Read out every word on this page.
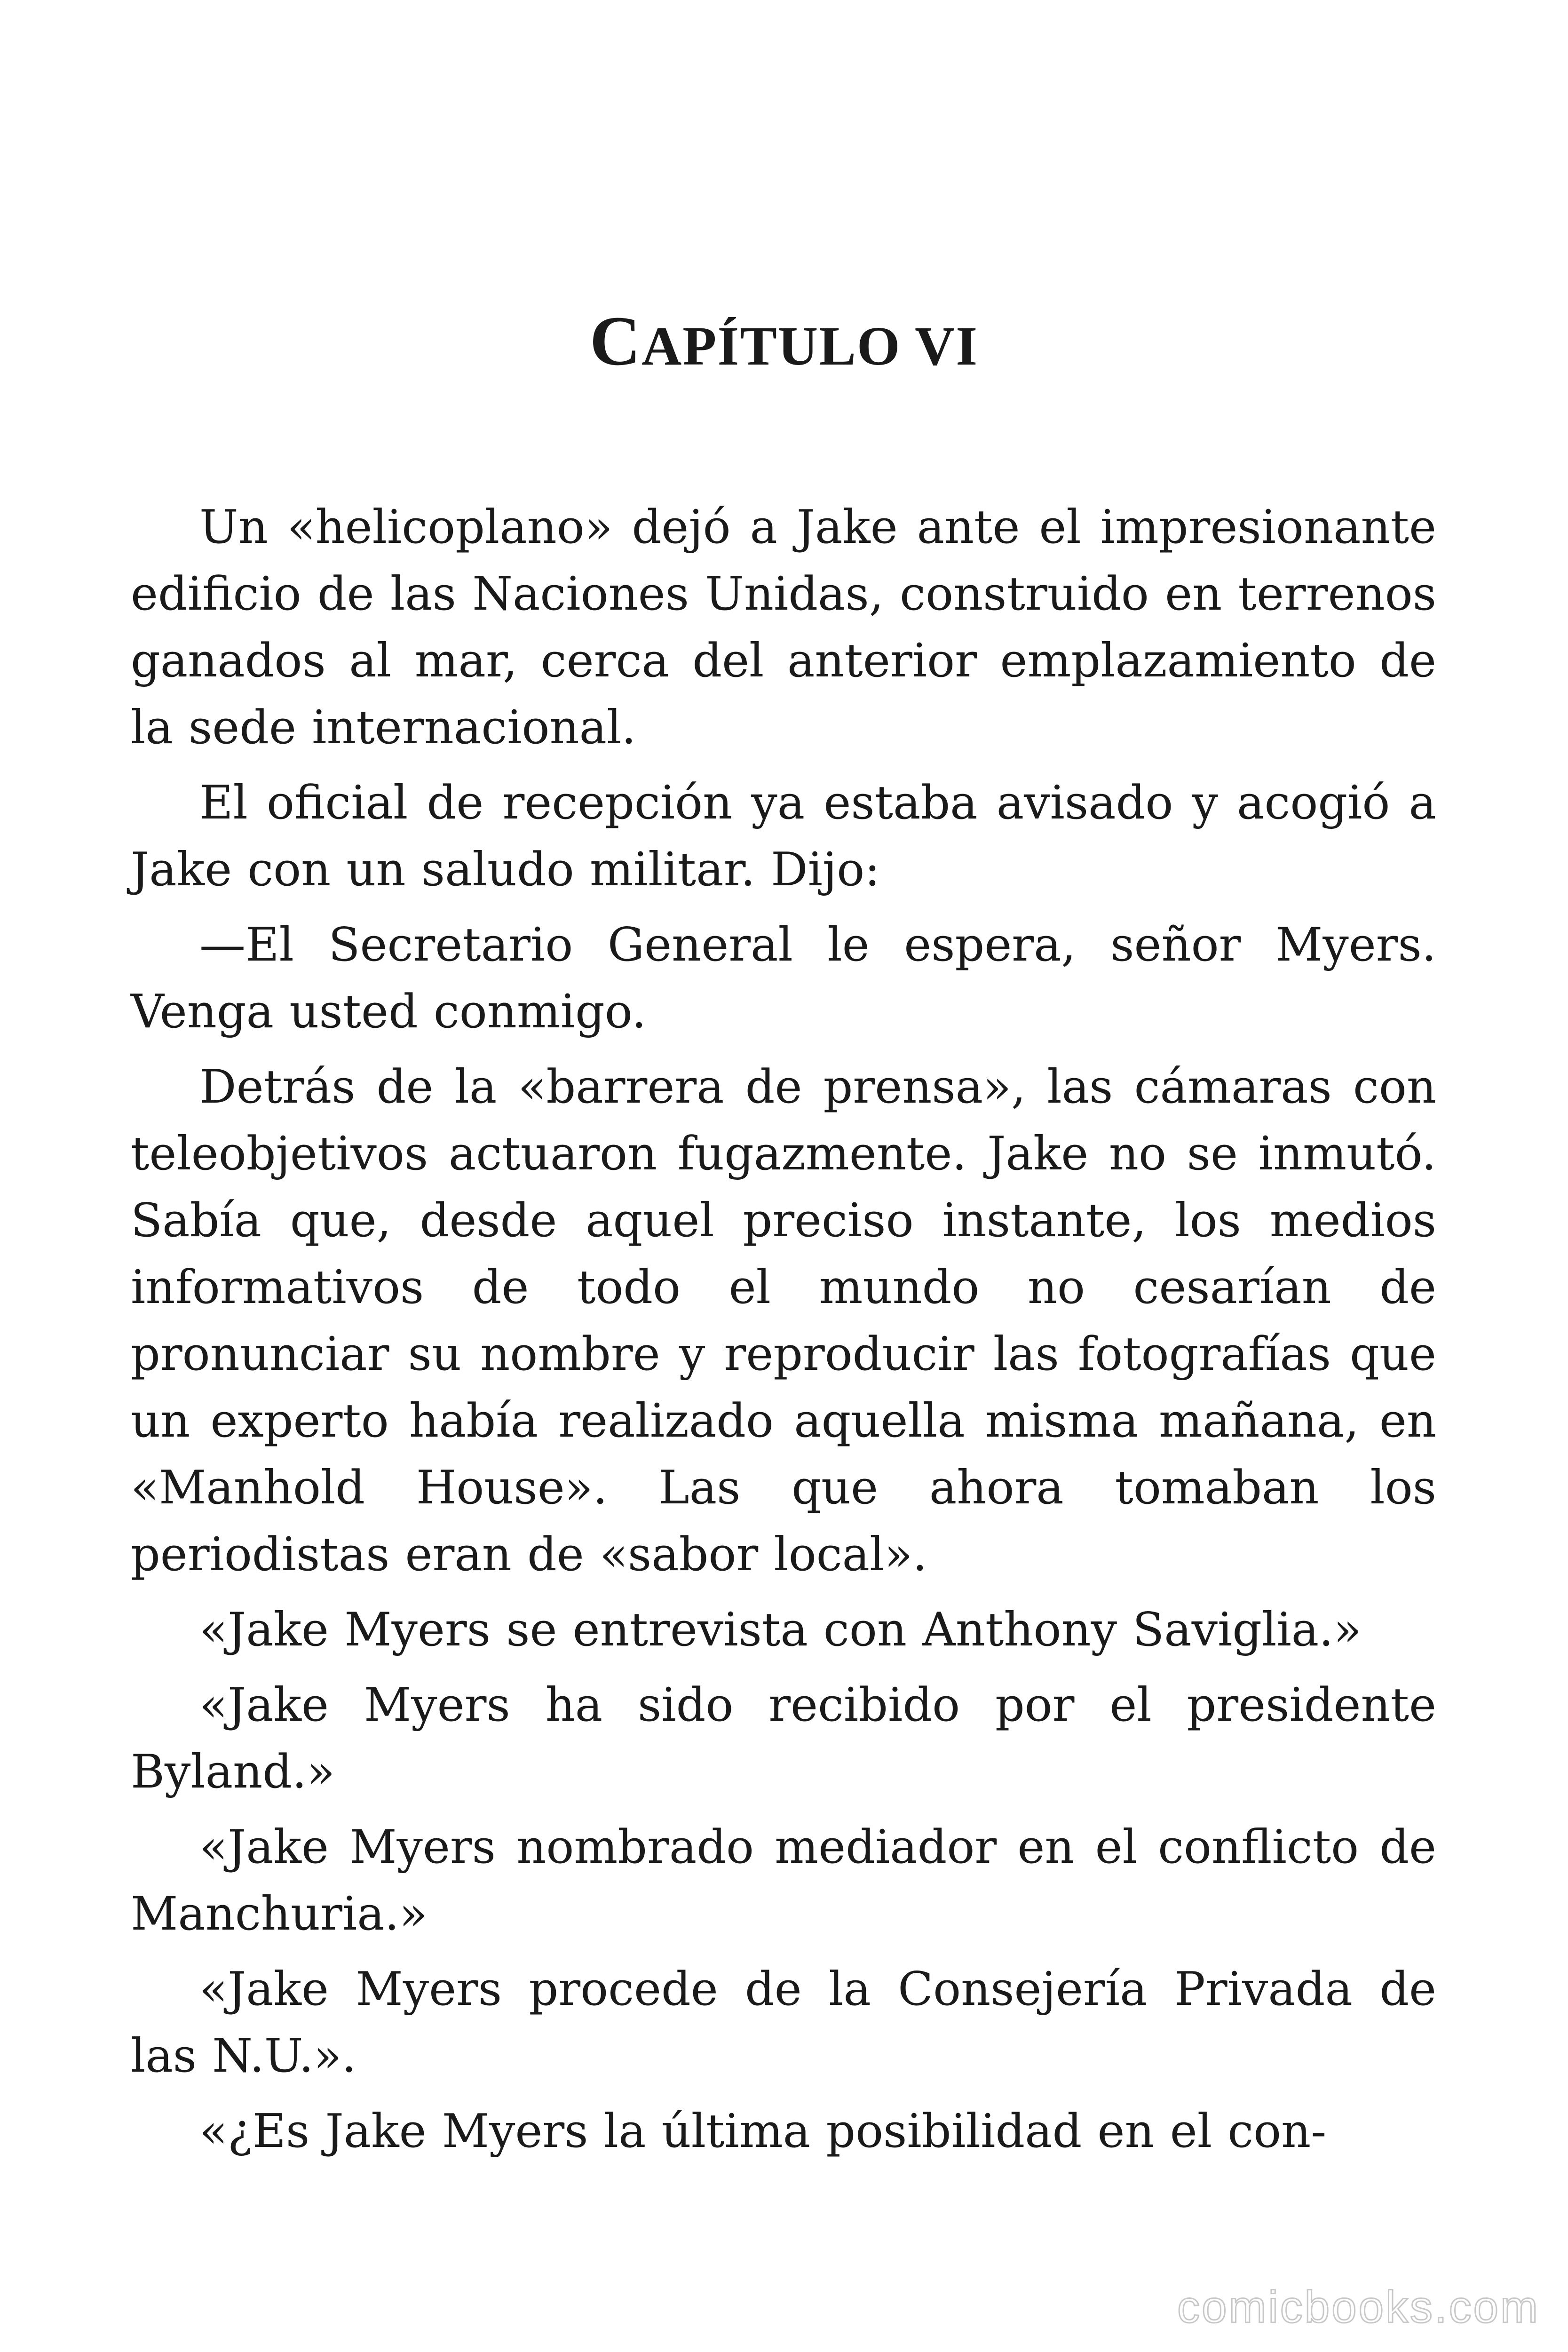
CAPÍTULO VI

Un «helicoplano» dejó a Jake ante el impresionante edificio de las Naciones Unidas, construido en terrenos ganados al mar, cerca del anterior emplazamiento de la sede internacional.

El oficial de recepción ya estaba avisado y acogió a Jake con un saludo militar. Dijo:

—El Secretario General le espera, señor Myers. Venga usted conmigo.

Detrás de la «barrera de prensa», las cámaras con teleobjetivos actuaron fugazmente. Jake no se inmutó. Sabía que, desde aquel preciso instante, los medios informativos de todo el mundo no cesarían de pronunciar su nombre y reproducir las fotografías que un experto había realizado aquella misma mañana, en «Manhold House». Las que ahora tomaban los periodistas eran de «sabor local».

«Jake Myers se entrevista con Anthony Saviglia.»

«Jake Myers ha sido recibido por el presidente Byland.»

«Jake Myers nombrado mediador en el conflicto de Manchuria.»

«Jake Myers procede de la Consejería Privada de las N.U.».

«¿Es Jake Myers la última posibilidad en el con-

comicbooks.com
